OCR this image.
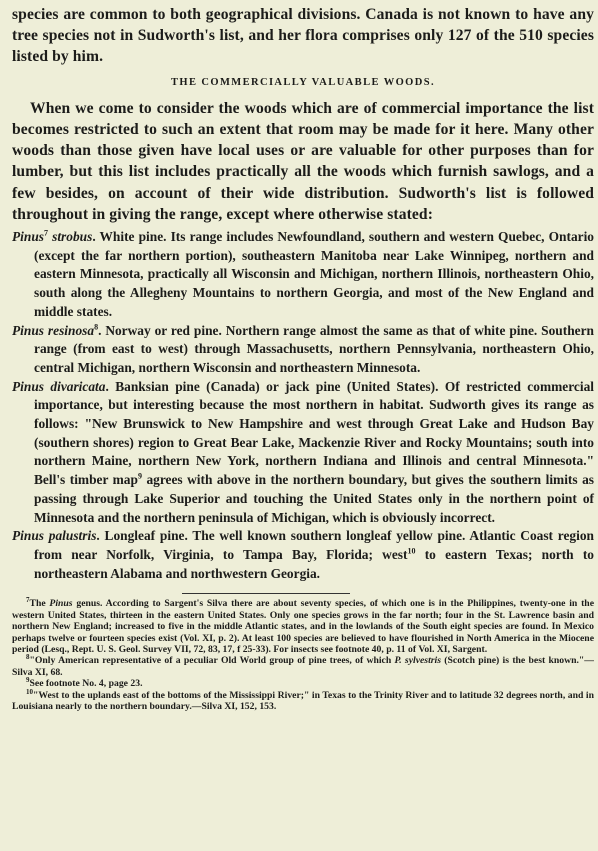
species are common to both geographical divisions. Canada is not known to have any tree species not in Sudworth's list, and her flora comprises only 127 of the 510 species listed by him.

THE COMMERCIALLY VALUABLE WOODS.

When we come to consider the woods which are of commercial importance the list becomes restricted to such an extent that room may be made for it here. Many other woods than those given have local uses or are valuable for other purposes than for lumber, but this list includes practically all the woods which furnish sawlogs, and a few besides, on account of their wide distribution. Sudworth's list is followed throughout in giving the range, except where otherwise stated:

Pinus$^7$ strobus. White pine. Its range includes Newfoundland, southern and western Quebec, Ontario (except the far northern portion), southeastern Manitoba near Lake Winnipeg, northern and eastern Minnesota, practically all Wisconsin and Michigan, northern Illinois, northeastern Ohio, south along the Allegheny Mountains to northern Georgia, and most of the New England and middle states.

Pinus resinosa$^8$. Norway or red pine. Northern range almost the same as that of white pine. Southern range (from east to west) through Massachusetts, northern Pennsylvania, northeastern Ohio, central Michigan, northern Wisconsin and northeastern Minnesota.

Pinus divaricata. Banksian pine (Canada) or jack pine (United States). Of restricted commercial importance, but interesting because the most northern in habitat. Sudworth gives its range as follows: "New Brunswick to New Hampshire and west through Great Lake and Hudson Bay (southern shores) region to Great Bear Lake, Mackenzie River and Rocky Mountains; south into northern Maine, northern New York, northern Indiana and Illinois and central Minnesota." Bell's timber map$^9$ agrees with above in the northern boundary, but gives the southern limits as passing through Lake Superior and touching the United States only in the northern point of Minnesota and the northern peninsula of Michigan, which is obviously incorrect.

Pinus palustris. Longleaf pine. The well known southern longleaf yellow pine. Atlantic Coast region from near Norfolk, Virginia, to Tampa Bay, Florida; west$^{10}$ to eastern Texas; north to northeastern Alabama and northwestern Georgia.

$^7$The Pinus genus. According to Sargent's Silva there are about seventy species, of which one is in the Philippines, twenty-one in the western United States, thirteen in the eastern United States. Only one species grows in the far north; four in the St. Lawrence basin and northern New England; increased to five in the middle Atlantic states, and in the lowlands of the South eight species are found. In Mexico perhaps twelve or fourteen species exist (Vol. XI, p. 2). At least 100 species are believed to have flourished in North America in the Miocene period (Lesq., Rept. U. S. Geol. Survey VII, 72, 83, 17, f 25-33). For insects see footnote 40, p. 11 of Vol. XI, Sargent.

$^8$"Only American representative of a peculiar Old World group of pine trees, of which P. sylvestris (Scotch pine) is the best known."—Silva XI, 68.

$^9$See footnote No. 4, page 23.

$^{10}$"West to the uplands east of the bottoms of the Mississippi River;" in Texas to the Trinity River and to latitude 32 degrees north, and in Louisiana nearly to the northern boundary.—Silva XI, 152, 153.
